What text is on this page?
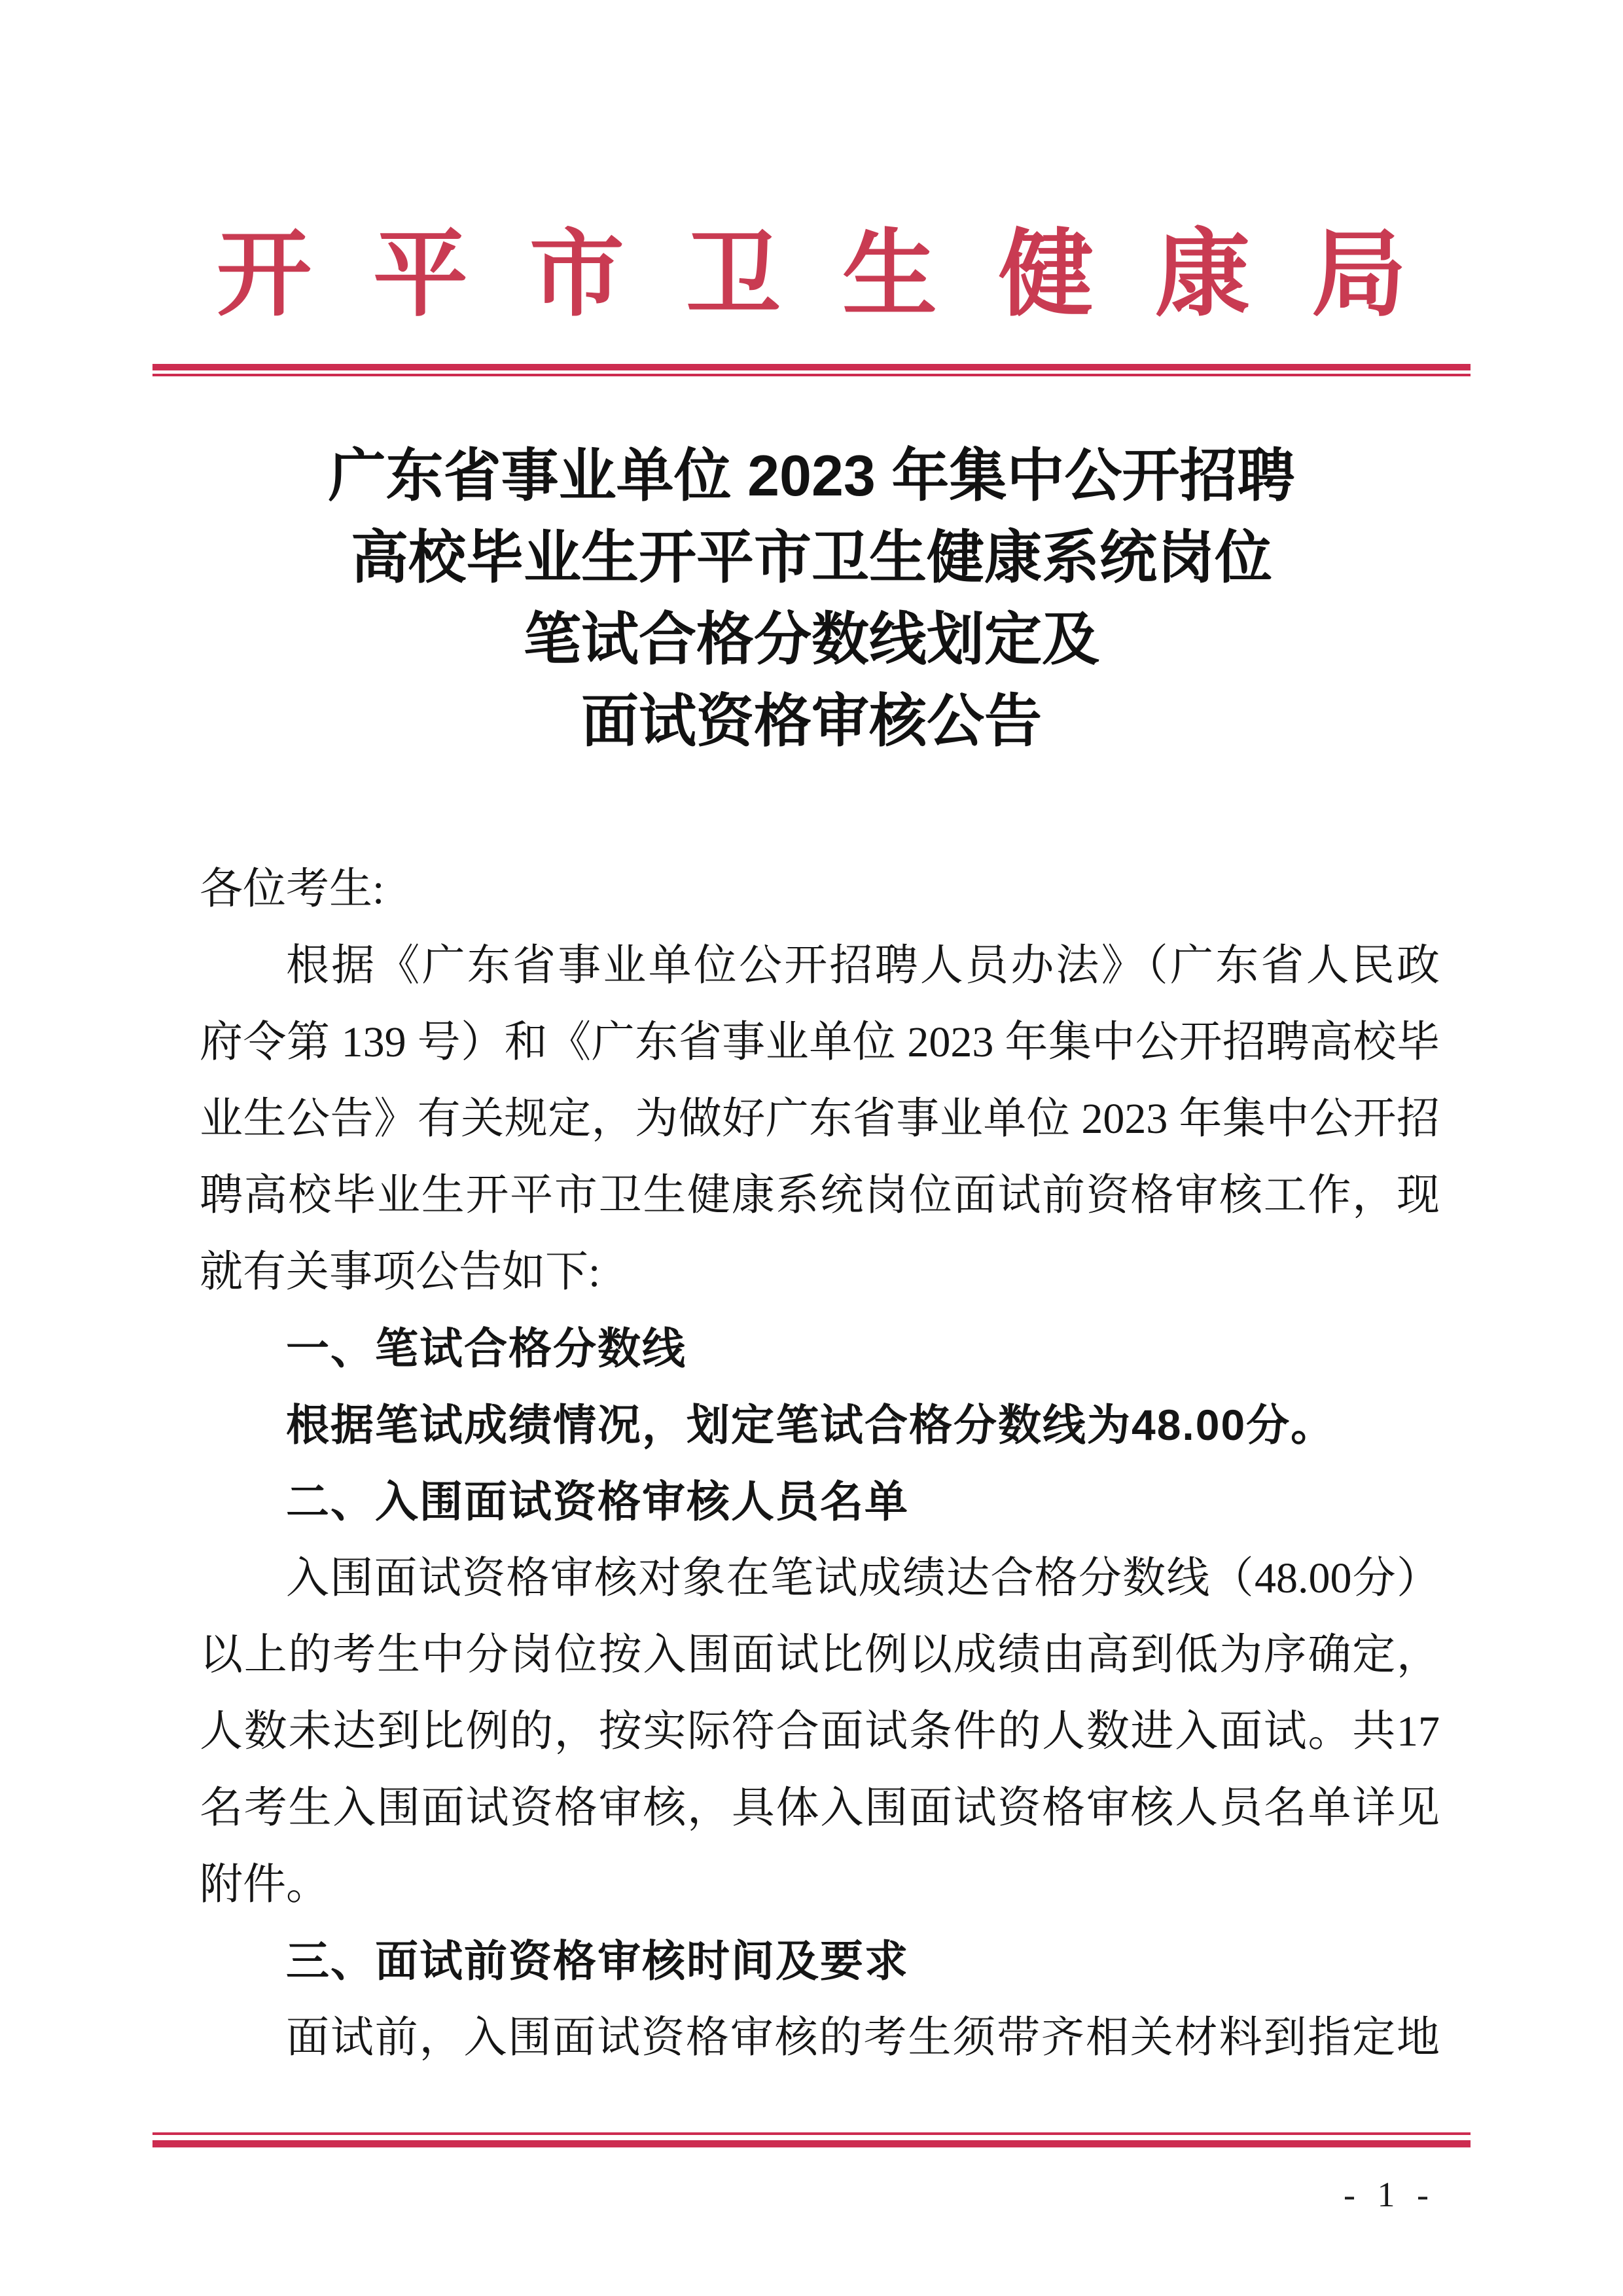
开平市卫生健康局
广东省事业单位 2023 年集中公开招聘
高校毕业生开平市卫生健康系统岗位
笔试合格分数线划定及
面试资格审核公告
各位考生:
根据《广东省事业单位公开招聘人员办法》（广东省人民政
府令第 139 号）和《广东省事业单位 2023 年集中公开招聘高校毕
业生公告》有关规定，为做好广东省事业单位 2023 年集中公开招
聘高校毕业生开平市卫生健康系统岗位面试前资格审核工作，现
就有关事项公告如下:
一、笔试合格分数线
根据笔试成绩情况，划定笔试合格分数线为48.00分。
二、入围面试资格审核人员名单
入围面试资格审核对象在笔试成绩达合格分数线（48.00分）
以上的考生中分岗位按入围面试比例以成绩由高到低为序确定，
人数未达到比例的，按实际符合面试条件的人数进入面试。共17
名考生入围面试资格审核，具体入围面试资格审核人员名单详见
附件。
三、面试前资格审核时间及要求
面试前，入围面试资格审核的考生须带齐相关材料到指定地
- 1 -
